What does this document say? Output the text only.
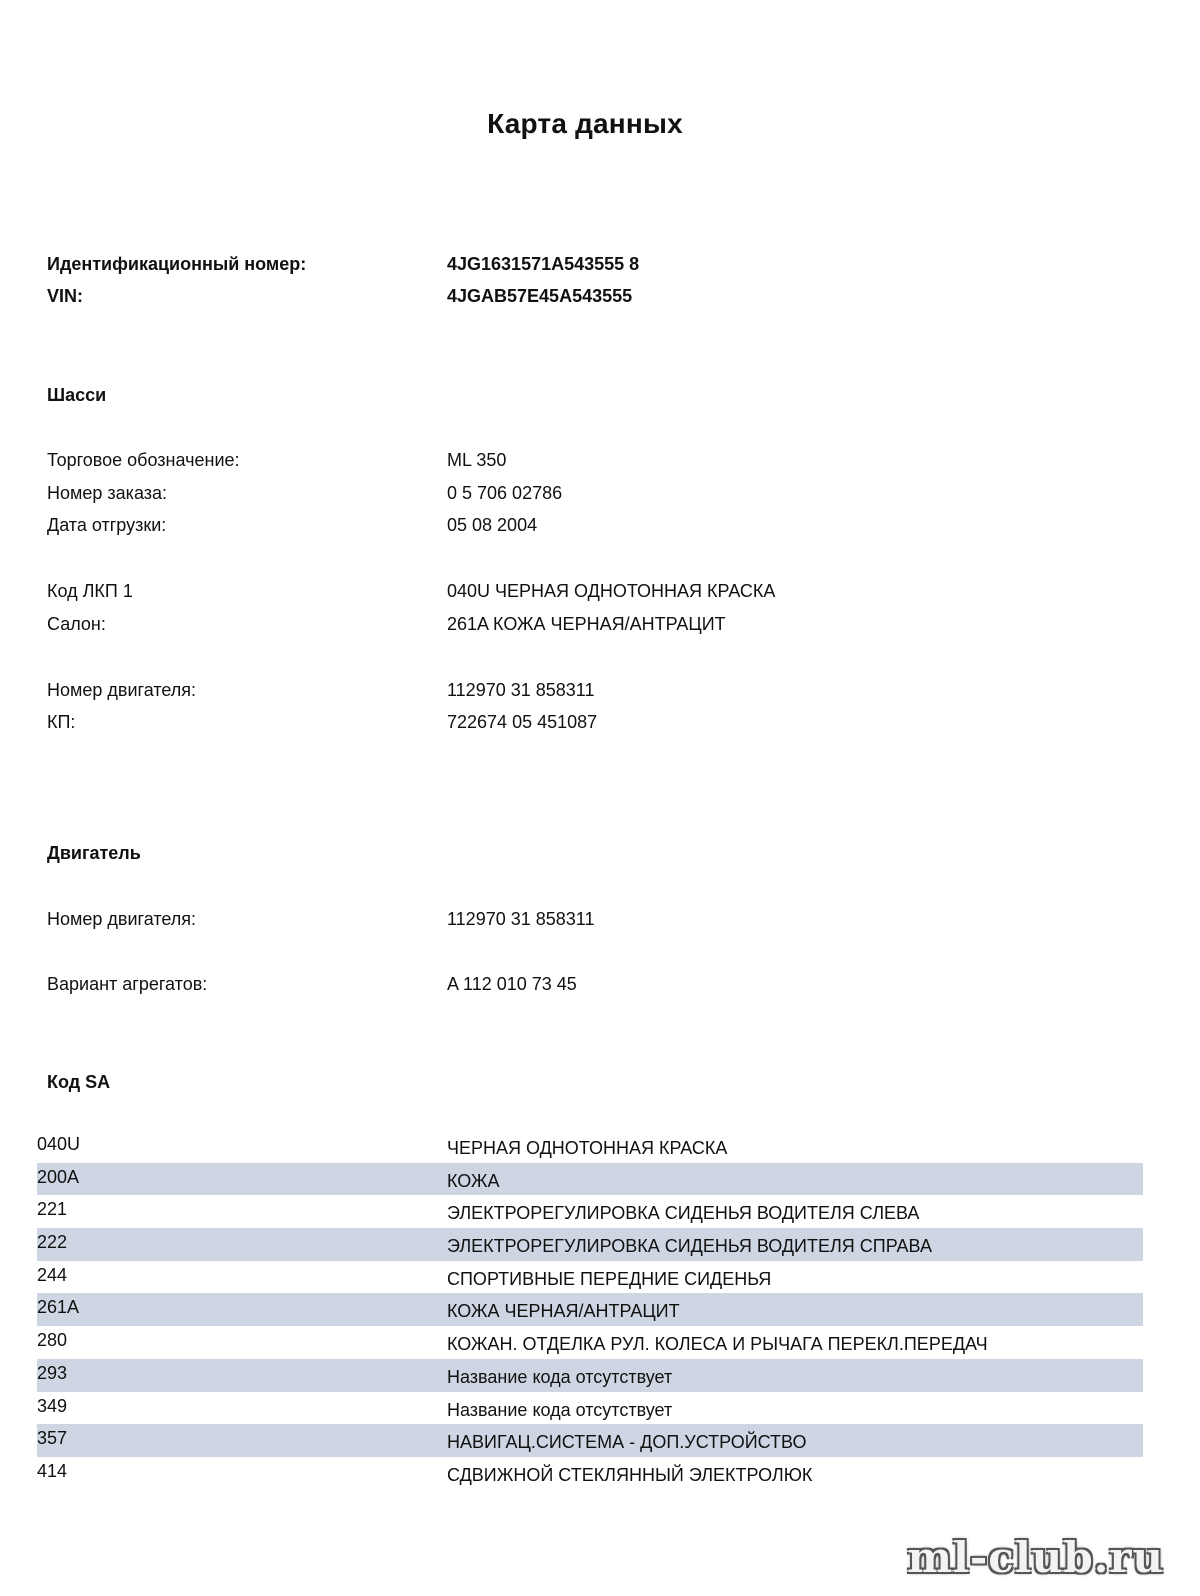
Карта данных
Идентификационный номер:	4JG1631571A543555 8
VIN:	4JGAB57E45A543555
Шасси
Торговое обозначение:	ML 350
Номер заказа:	0 5 706 02786
Дата отгрузки:	05 08 2004
Код ЛКП 1	040U ЧЕРНАЯ ОДНОТОННАЯ КРАСКА
Салон:	261A КОЖА ЧЕРНАЯ/АНТРАЦИТ
Номер двигателя:	112970 31 858311
КП:	722674 05 451087
Двигатель
Номер двигателя:	112970 31 858311
Вариант агрегатов:	A 112 010 73 45
Код SA
040U	ЧЕРНАЯ ОДНОТОННАЯ КРАСКА
200A	КОЖА
221	ЭЛЕКТРОРЕГУЛИРОВКА СИДЕНЬЯ ВОДИТЕЛЯ СЛЕВА
222	ЭЛЕКТРОРЕГУЛИРОВКА СИДЕНЬЯ ВОДИТЕЛЯ СПРАВА
244	СПОРТИВНЫЕ ПЕРЕДНИЕ СИДЕНЬЯ
261A	КОЖА ЧЕРНАЯ/АНТРАЦИТ
280	КОЖАН. ОТДЕЛКА РУЛ. КОЛЕСА И РЫЧАГА ПЕРЕКЛ.ПЕРЕДАЧ
293	Название кода отсутствует
349	Название кода отсутствует
357	НАВИГАЦ.СИСТЕМА - ДОП.УСТРОЙСТВО
414	СДВИЖНОЙ СТЕКЛЯННЫЙ ЭЛЕКТРОЛЮК
ml-club.ru
